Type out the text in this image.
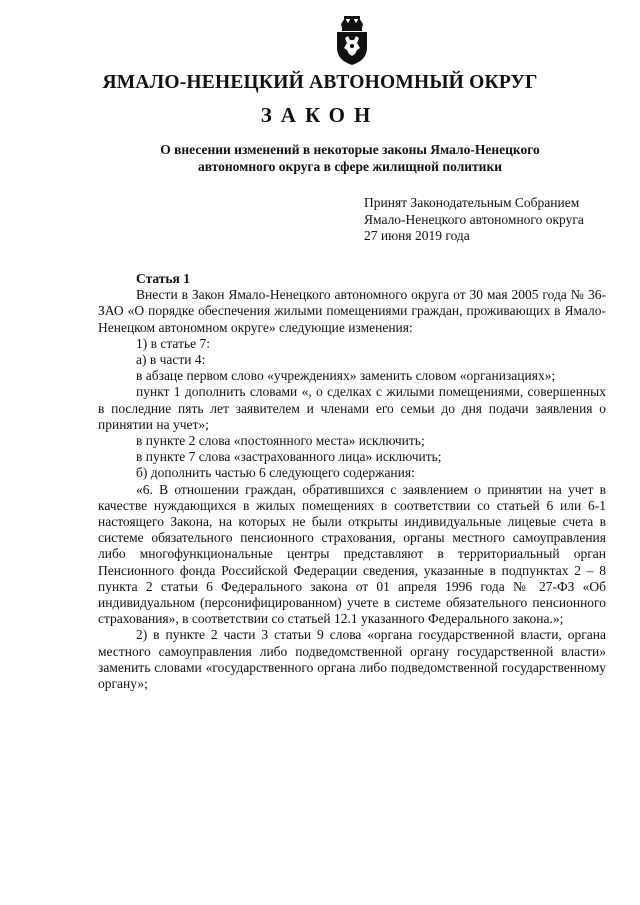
ЯМАЛО-НЕНЕЦКИЙ АВТОНОМНЫЙ ОКРУГ
ЗАКОН
О внесении изменений в некоторые законы Ямало-Ненецкого
автономного округа в сфере жилищной политики
Принят Законодательным Собранием
Ямало-Ненецкого автономного округа
27 июня 2019 года

Статья 1

Внести в Закон Ямало-Ненецкого автономного округа от 30 мая 2005 года № 36-ЗАО «О порядке обеспечения жилыми помещениями граждан, проживающих в Ямало-Ненецком автономном округе» следующие изменения:

1) в статье 7:

а) в части 4:

в абзаце первом слово «учреждениях» заменить словом «организациях»;

пункт 1 дополнить словами «, о сделках с жилыми помещениями, совершенных в последние пять лет заявителем и членами его семьи до дня подачи заявления о принятии на учет»;

в пункте 2 слова «постоянного места» исключить;

в пункте 7 слова «застрахованного лица» исключить;

б) дополнить частью 6 следующего содержания:

«6. В отношении граждан, обратившихся с заявлением о принятии на учет в качестве нуждающихся в жилых помещениях в соответствии со статьей 6 или 6-1 настоящего Закона, на которых не были открыты индивидуальные лицевые счета в системе обязательного пенсионного страхования, органы местного самоуправления либо многофункциональные центры представляют в территориальный орган Пенсионного фонда Российской Федерации сведения, указанные в подпунктах 2 – 8 пункта 2 статьи 6 Федерального закона от 01 апреля 1996 года № 27-ФЗ «Об индивидуальном (персонифицированном) учете в системе обязательного пенсионного страхования», в соответствии со статьей 12.1 указанного Федерального закона.»;

2) в пункте 2 части 3 статьи 9 слова «органа государственной власти, органа местного самоуправления либо подведомственной органу государственной власти» заменить словами «государственного органа либо подведомственной государственному органу»;
